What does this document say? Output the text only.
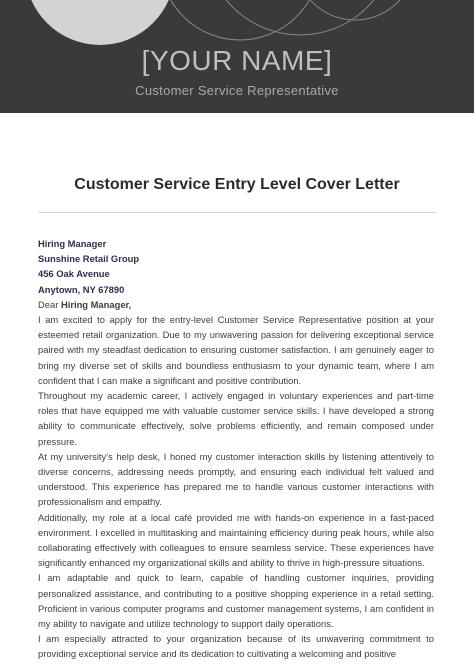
[YOUR NAME]
Customer Service Representative
Customer Service Entry Level Cover Letter
Hiring Manager
Sunshine Retail Group
456 Oak Avenue
Anytown, NY 67890
Dear Hiring Manager,

I am excited to apply for the entry-level Customer Service Representative position at your esteemed retail organization. Due to my unwavering passion for delivering exceptional service paired with my steadfast dedication to ensuring customer satisfaction. I am genuinely eager to bring my diverse set of skills and boundless enthusiasm to your dynamic team, where I am confident that I can make a significant and positive contribution.

Throughout my academic career, I actively engaged in voluntary experiences and part-time roles that have equipped me with valuable customer service skills. I have developed a strong ability to communicate effectively, solve problems efficiently, and remain composed under pressure.

At my university's help desk, I honed my customer interaction skills by listening attentively to diverse concerns, addressing needs promptly, and ensuring each individual felt valued and understood. This experience has prepared me to handle various customer interactions with professionalism and empathy.

Additionally, my role at a local café provided me with hands-on experience in a fast-paced environment. I excelled in multitasking and maintaining efficiency during peak hours, while also collaborating effectively with colleagues to ensure seamless service. These experiences have significantly enhanced my organizational skills and ability to thrive in high-pressure situations.

I am adaptable and quick to learn, capable of handling customer inquiries, providing personalized assistance, and contributing to a positive shopping experience in a retail setting. Proficient in various computer programs and customer management systems, I am confident in my ability to navigate and utilize technology to support daily operations.

I am especially attracted to your organization because of its unwavering commitment to providing exceptional service and its dedication to cultivating a welcoming and positive
